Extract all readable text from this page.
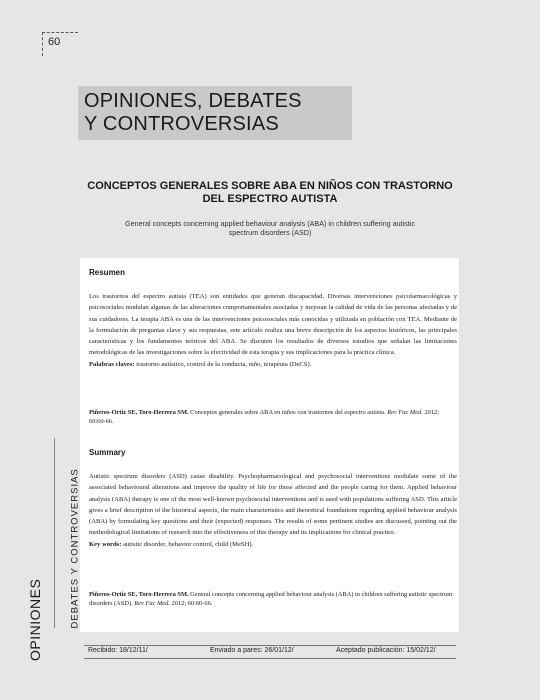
60
OPINIONES, DEBATES
Y CONTROVERSIAS
CONCEPTOS GENERALES SOBRE ABA EN NIÑOS CON TRASTORNO
DEL ESPECTRO AUTISTA
General concepts concerning applied behaviour analysis (ABA) in children suffering autistic
spectrum disorders (ASD)
Resumen
Los trastornos del espectro autista (TEA) son entidades que generan discapacidad. Diversas intervenciones psicofarmacológicas y psicosociales modulan algunas de las alteraciones comportamentales asociadas y mejoran la calidad de vida de las personas afectadas y de sus cuidadores. La terapia ABA es una de las intervenciones psicosociales más conocidas y utilizada en población con TEA. Mediante de la formulación de preguntas clave y sus respuestas, este artículo realiza una breve descripción de los aspectos históricos, las principales características y los fundamentos teóricos del ABA. Se discuten los resultados de diversos estudios que señalan las limitaciones metodológicas de las investigaciones sobre la efectividad de esta terapia y sus implicaciones para la práctica clínica.
Palabras claves: trastorno autístico, control de la conducta, niño, terapéuta (DeCS).
Piñeros-Ortiz SE, Toro-Herrera SM. Conceptos generales sobre ABA en niños con trastornos del espectro autista. Rev Fac Med. 2012; 60:60-66.
Summary
Autistic spectrum disorders (ASD) cause disability. Psychopharmacological and psychosocial interventions modulate some of the associated behavioural alterations and improve the quality of life for those affected and the people caring for them. Applied behaviour analysis (ABA) therapy is one of the most well-known psychosocial interventions and is used with populations suffering ASD. This article gives a brief description of the historical aspects, the main characteristics and theoretical foundations regarding applied behaviour analysis (ABA) by formulating key questions and their (expected) responses. The results of some pertinent studies are discussed, pointing out the methodological limitations of research into the effectiveness of this therapy and its implications for clinical practice.
Key words: autistic disorder, behavior control, child (MeSH).
Piñeros-Ortiz SE, Toro-Herrera SM. General concepts concerning applied behaviour analysis (ABA) in children suffering autistic spectrum disorders (ASD). Rev Fac Med. 2012; 60:60-66.
OPINIONES	DEBATES Y CONTROVERSIAS
Recibido: 18/12/11/	Enviado a pares: 26/01/12/	Aceptado publicación: 15/02/12/
